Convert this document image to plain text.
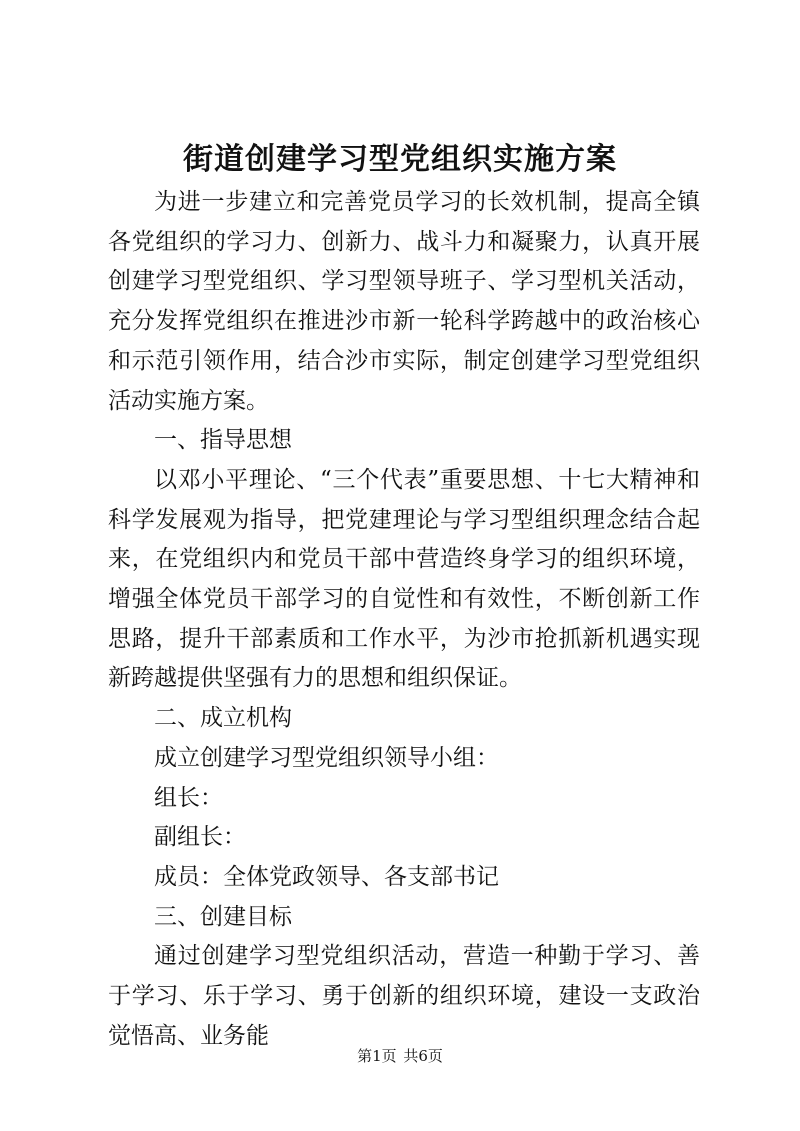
街道创建学习型党组织实施方案

为进一步建立和完善党员学习的长效机制，提高全镇各党组织的学习力、创新力、战斗力和凝聚力，认真开展创建学习型党组织、学习型领导班子、学习型机关活动，充分发挥党组织在推进沙市新一轮科学跨越中的政治核心和示范引领作用，结合沙市实际，制定创建学习型党组织活动实施方案。

一、指导思想

以邓小平理论、“三个代表”重要思想、十七大精神和科学发展观为指导，把党建理论与学习型组织理念结合起来，在党组织内和党员干部中营造终身学习的组织环境，增强全体党员干部学习的自觉性和有效性，不断创新工作思路，提升干部素质和工作水平，为沙市抢抓新机遇实现新跨越提供坚强有力的思想和组织保证。

二、成立机构

成立创建学习型党组织领导小组：

组长：

副组长：

成员：全体党政领导、各支部书记

三、创建目标

通过创建学习型党组织活动，营造一种勤于学习、善于学习、乐于学习、勇于创新的组织环境，建设一支政治觉悟高、业务能

第1页 共6页
